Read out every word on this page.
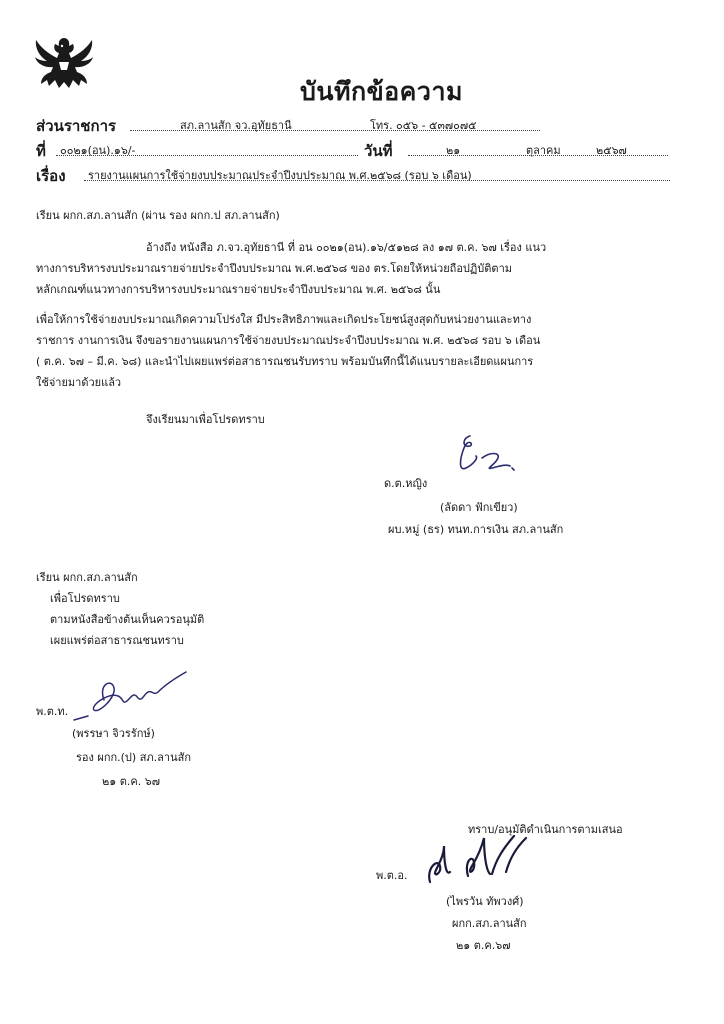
บันทึกข้อความ
ส่วนราชการ	สภ.ลานสัก จว.อุทัยธานี	โทร. ๐๕๖ - ๕๓๗๐๗๕
ที่ ๐๐๒๑(อน).๑๖/-	วันที่	๒๑	ตุลาคม	๒๕๖๗
เรื่อง รายงานแผนการใช้จ่ายงบประมาณประจำปีงบประมาณ พ.ศ.๒๕๖๘ (รอบ ๖ เดือน)
เรียน ผกก.สภ.ลานสัก (ผ่าน รอง ผกก.ป สภ.ลานสัก)
อ้างถึง หนังสือ ภ.จว.อุทัยธานี ที่ อน ๐๐๒๑(อน).๑๖/๕๑๒๘ ลง ๑๗ ต.ค. ๖๗ เรื่อง แนว
ทางการบริหารงบประมาณรายจ่ายประจำปีงบประมาณ พ.ศ.๒๕๖๘ ของ ตร.โดยให้หน่วยถือปฏิบัติตาม
หลักเกณฑ์แนวทางการบริหารงบประมาณรายจ่ายประจำปีงบประมาณ พ.ศ. ๒๕๖๘ นั้น
เพื่อให้การใช้จ่ายงบประมาณเกิดความโปร่งใส มีประสิทธิภาพและเกิดประโยชน์สูงสุดกับหน่วยงานและทาง
ราชการ งานการเงิน จึงขอรายงานแผนการใช้จ่ายงบประมาณประจำปีงบประมาณ พ.ศ. ๒๕๖๘ รอบ ๖ เดือน
( ต.ค. ๖๗ – มี.ค. ๖๘) และนำไปเผยแพร่ต่อสาธารณชนรับทราบ พร้อมบันทึกนี้ได้แนบรายละเอียดแผนการ
ใช้จ่ายมาด้วยแล้ว
จึงเรียนมาเพื่อโปรดทราบ
ด.ต.หญิง
(ลัดดา ฟักเขียว)
ผบ.หมู่ (ธร) ทนท.การเงิน สภ.ลานสัก
เรียน ผกก.สภ.ลานสัก
เพื่อโปรดทราบ
ตามหนังสือข้างต้นเห็นควรอนุมัติ
เผยแพร่ต่อสาธารณชนทราบ
พ.ต.ท.
(พรรษา จิวรรักษ์)
รอง ผกก.(ป) สภ.ลานสัก
๒๑ ต.ค. ๖๗
ทราบ/อนุมัติดำเนินการตามเสนอ
พ.ต.อ.
(ไพรวัน ทัพวงศ์)
ผกก.สภ.ลานสัก
๒๑ ต.ค.๖๗
